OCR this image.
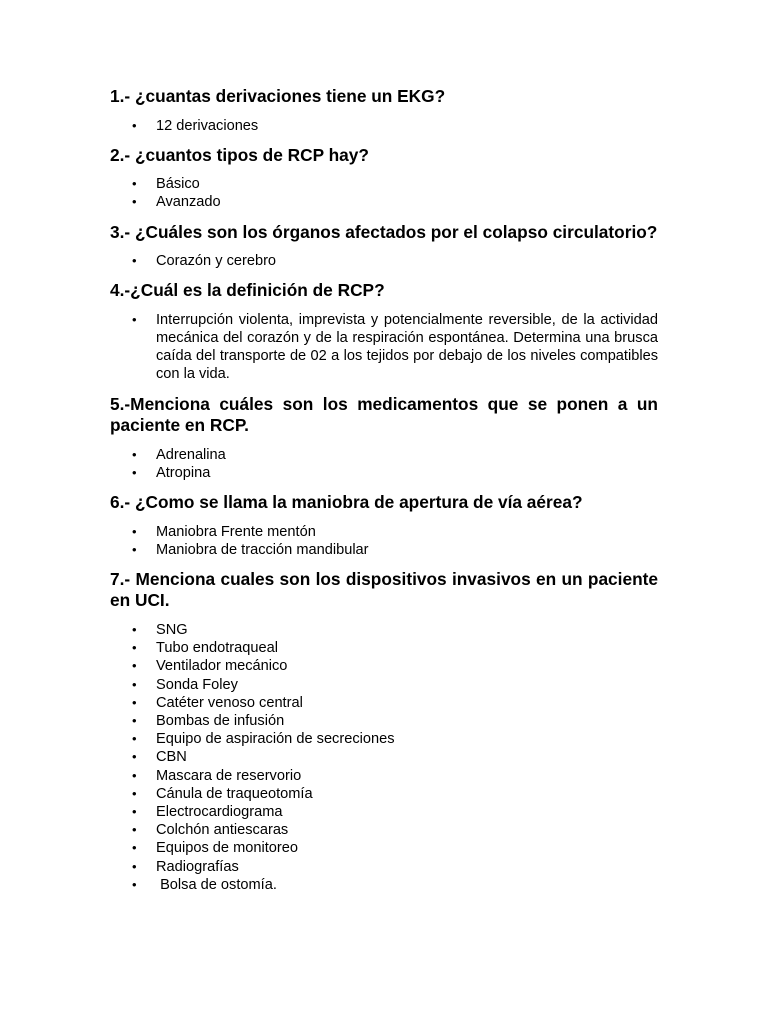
1.- ¿cuantas derivaciones tiene un EKG?

• 12 derivaciones

2.- ¿cuantos tipos de RCP hay?

• Básico
• Avanzado

3.- ¿Cuáles son los órganos afectados por el colapso circulatorio?

• Corazón y cerebro

4.-¿Cuál es la definición de RCP?

• Interrupción violenta, imprevista y potencialmente reversible, de la actividad mecánica del corazón y de la respiración espontánea. Determina una brusca caída del transporte de 02 a los tejidos por debajo de los niveles compatibles con la vida.

5.-Menciona cuáles son los medicamentos que se ponen a un paciente en RCP.

• Adrenalina
• Atropina

6.- ¿Como se llama la maniobra de apertura de vía aérea?

• Maniobra Frente mentón
• Maniobra de tracción mandibular

7.- Menciona cuales son los dispositivos invasivos en un paciente en UCI.

• SNG
• Tubo endotraqueal
• Ventilador mecánico
• Sonda Foley
• Catéter venoso central
• Bombas de infusión
• Equipo de aspiración de secreciones
• CBN
• Mascara de reservorio
• Cánula de traqueotomía
• Electrocardiograma
• Colchón antiescaras
• Equipos de monitoreo
• Radiografías
• Bolsa de ostomía.
